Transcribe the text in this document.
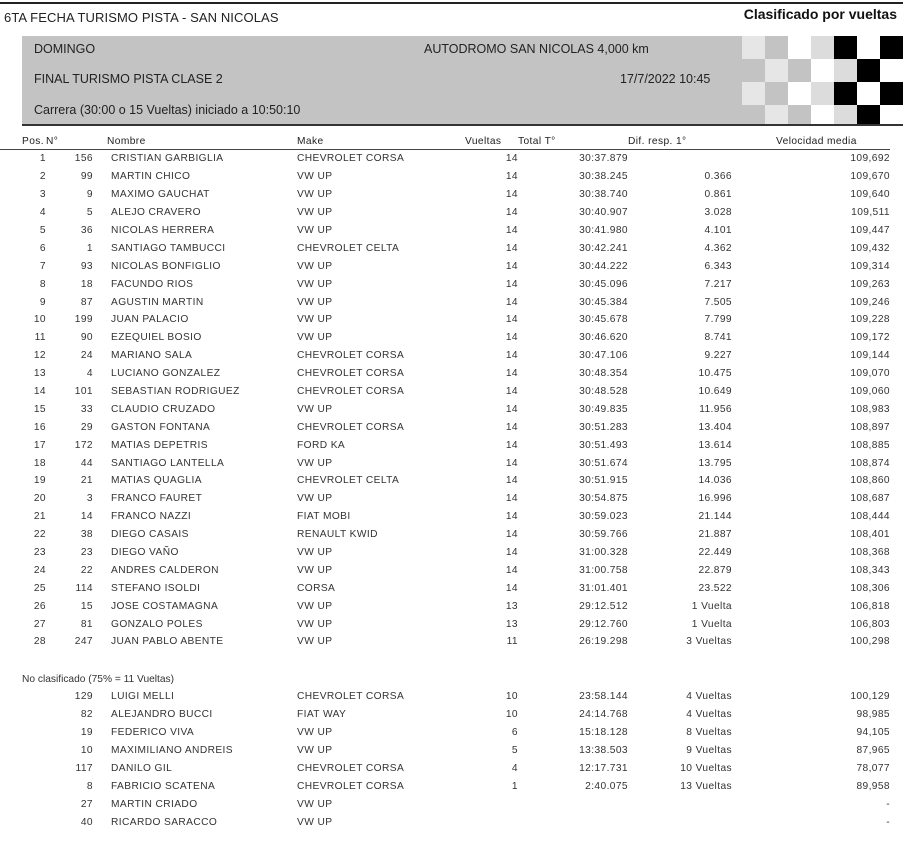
6TA FECHA TURISMO PISTA - SAN NICOLAS	Clasificado por vueltas
DOMINGO	AUTODROMO SAN NICOLAS 4,000 km
FINAL TURISMO PISTA CLASE 2
Carrera (30:00 o 15 Vueltas) iniciado a 10:50:10
17/7/2022 10:45
Pos.	N°	Nombre	Make	Vueltas	Total T°	Dif. resp. 1°	Velocidad media
1	156	CRISTIAN GARBIGLIA	CHEVROLET CORSA	14	30:37.879		109,692
2	99	MARTIN CHICO	VW UP	14	30:38.245	0.366	109,670
3	9	MAXIMO GAUCHAT	VW UP	14	30:38.740	0.861	109,640
4	5	ALEJO CRAVERO	VW UP	14	30:40.907	3.028	109,511
5	36	NICOLAS HERRERA	VW UP	14	30:41.980	4.101	109,447
6	1	SANTIAGO TAMBUCCI	CHEVROLET CELTA	14	30:42.241	4.362	109,432
7	93	NICOLAS BONFIGLIO	VW UP	14	30:44.222	6.343	109,314
8	18	FACUNDO RIOS	VW UP	14	30:45.096	7.217	109,263
9	87	AGUSTIN MARTIN	VW UP	14	30:45.384	7.505	109,246
10	199	JUAN PALACIO	VW UP	14	30:45.678	7.799	109,228
11	90	EZEQUIEL BOSIO	VW UP	14	30:46.620	8.741	109,172
12	24	MARIANO SALA	CHEVROLET CORSA	14	30:47.106	9.227	109,144
13	4	LUCIANO GONZALEZ	CHEVROLET CORSA	14	30:48.354	10.475	109,070
14	101	SEBASTIAN RODRIGUEZ	CHEVROLET CORSA	14	30:48.528	10.649	109,060
15	33	CLAUDIO CRUZADO	VW UP	14	30:49.835	11.956	108,983
16	29	GASTON FONTANA	CHEVROLET CORSA	14	30:51.283	13.404	108,897
17	172	MATIAS DEPETRIS	FORD KA	14	30:51.493	13.614	108,885
18	44	SANTIAGO LANTELLA	VW UP	14	30:51.674	13.795	108,874
19	21	MATIAS QUAGLIA	CHEVROLET CELTA	14	30:51.915	14.036	108,860
20	3	FRANCO FAURET	VW UP	14	30:54.875	16.996	108,687
21	14	FRANCO NAZZI	FIAT MOBI	14	30:59.023	21.144	108,444
22	38	DIEGO CASAIS	RENAULT KWID	14	30:59.766	21.887	108,401
23	23	DIEGO VAÑO	VW UP	14	31:00.328	22.449	108,368
24	22	ANDRES CALDERON	VW UP	14	31:00.758	22.879	108,343
25	114	STEFANO ISOLDI	CORSA	14	31:01.401	23.522	108,306
26	15	JOSE COSTAMAGNA	VW UP	13	29:12.512	1 Vuelta	106,818
27	81	GONZALO POLES	VW UP	13	29:12.760	1 Vuelta	106,803
28	247	JUAN PABLO ABENTE	VW UP	11	26:19.298	3 Vueltas	100,298
No clasificado (75% = 11 Vueltas)
	129	LUIGI MELLI	CHEVROLET CORSA	10	23:58.144	4 Vueltas	100,129
	82	ALEJANDRO BUCCI	FIAT WAY	10	24:14.768	4 Vueltas	98,985
	19	FEDERICO VIVA	VW UP	6	15:18.128	8 Vueltas	94,105
	10	MAXIMILIANO ANDREIS	VW UP	5	13:38.503	9 Vueltas	87,965
	117	DANILO GIL	CHEVROLET CORSA	4	12:17.731	10 Vueltas	78,077
	8	FABRICIO SCATENA	CHEVROLET CORSA	1	2:40.075	13 Vueltas	89,958
	27	MARTIN CRIADO	VW UP				-
	40	RICARDO SARACCO	VW UP				-
